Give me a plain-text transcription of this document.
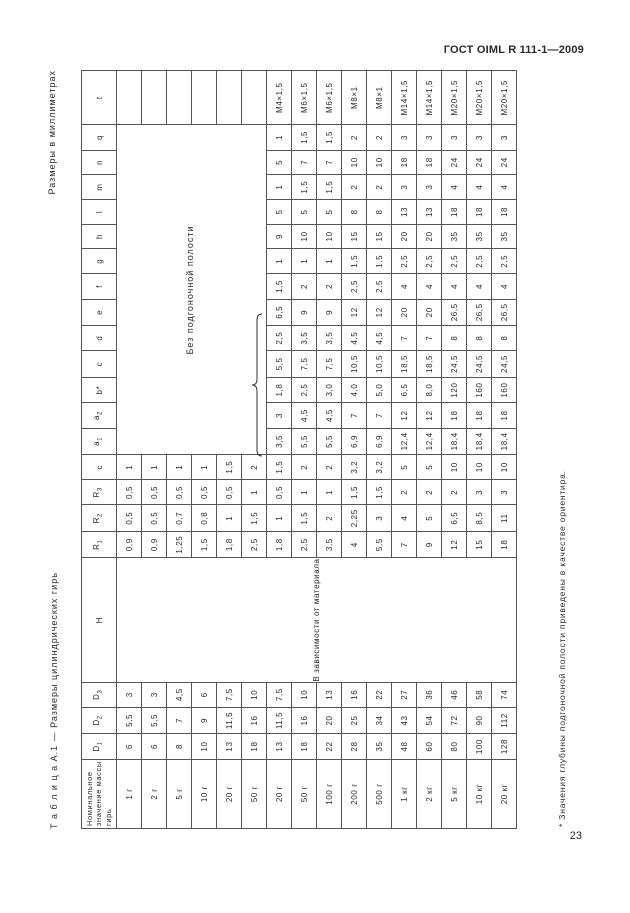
ГОСТ OIML R 111-1—2009
Т а б л и ц а А.1 — Размеры цилиндрических гирь
Размеры в миллиметрах
Номинальное значение массы гирь	$D_1$	$D_2$	$D_3$	H	$R_1$	$R_2$	$R_3$	c	$a_1$	$a_2$	b*	c	d	e	f	g	h	l	m	n	q	t
1 г	6	5,5	3	В зависимости от материала	0,9	0,5	0,5	1														
2 г	6	5,5	3		0,9	0,5	0,5	1														
5 г	8	7	4,5		1,25	0,7	0,5	1														
10 г	10	9	6		1,5	0,8	0,5	1														
20 г	13	11,5	7,5		1,8	1	0,5	1,5														
50 г	18	16	10		2,5	1,5	1	2														
20 г	13	11,5	7,5		1,8	1	0,5	1,5	3,5	3	1,8	5,5	2,5	6,5	1,5	1	9	5	1	5	1	M4×1,5
50 г	18	16	10		2,5	1,5	1	2	5,5	4,5	2,5	7,5	3,5	9	2	1	10	5	1,5	7	1,5	M6×1,5
100 г	22	20	13		3,5	2	1	2	5,5	4,5	3,0	7,5	3,5	9	2	1	10	5	1,5	7	1,5	M6×1,5
200 г	28	25	16		4	2,25	1,5	3,2	6,9	7	4,0	10,5	4,5	12	2,5	1,5	15	8	2	10	2	M8×1
500 г	35	34	22		5,5	3	1,5	3,2	6,9	7	5,0	10,5	4,5	12	2,5	1,5	15	8	2	10	2	M8×1
1 кг	48	43	27		7	4	2	5	12,4	12	6,5	18,5	7	20	4	2,5	20	13	3	18	3	M14×1,5
2 кг	60	54	36		9	5	2	5	12,4	12	8,0	18,5	7	20	4	2,5	20	13	3	18	3	M14×1,5
5 кг	80	72	46		12	6,5	2	10	18,4	18	120	24,5	8	26,5	4	2,5	35	18	4	24	3	M20×1,5
10 кг	100	90	58		15	8,5	3	10	18,4	18	160	24,5	8	26,5	4	2,5	35	18	4	24	3	M20×1,5
20 кг	128	112	74		18	11	3	10	18,4	18	160	24,5	8	26,5	4	2,5	35	18	4	24	3	M20×1,5
Без подгоночной полости
* Значения глубины подгоночной полости приведены в качестве ориентира.
23
